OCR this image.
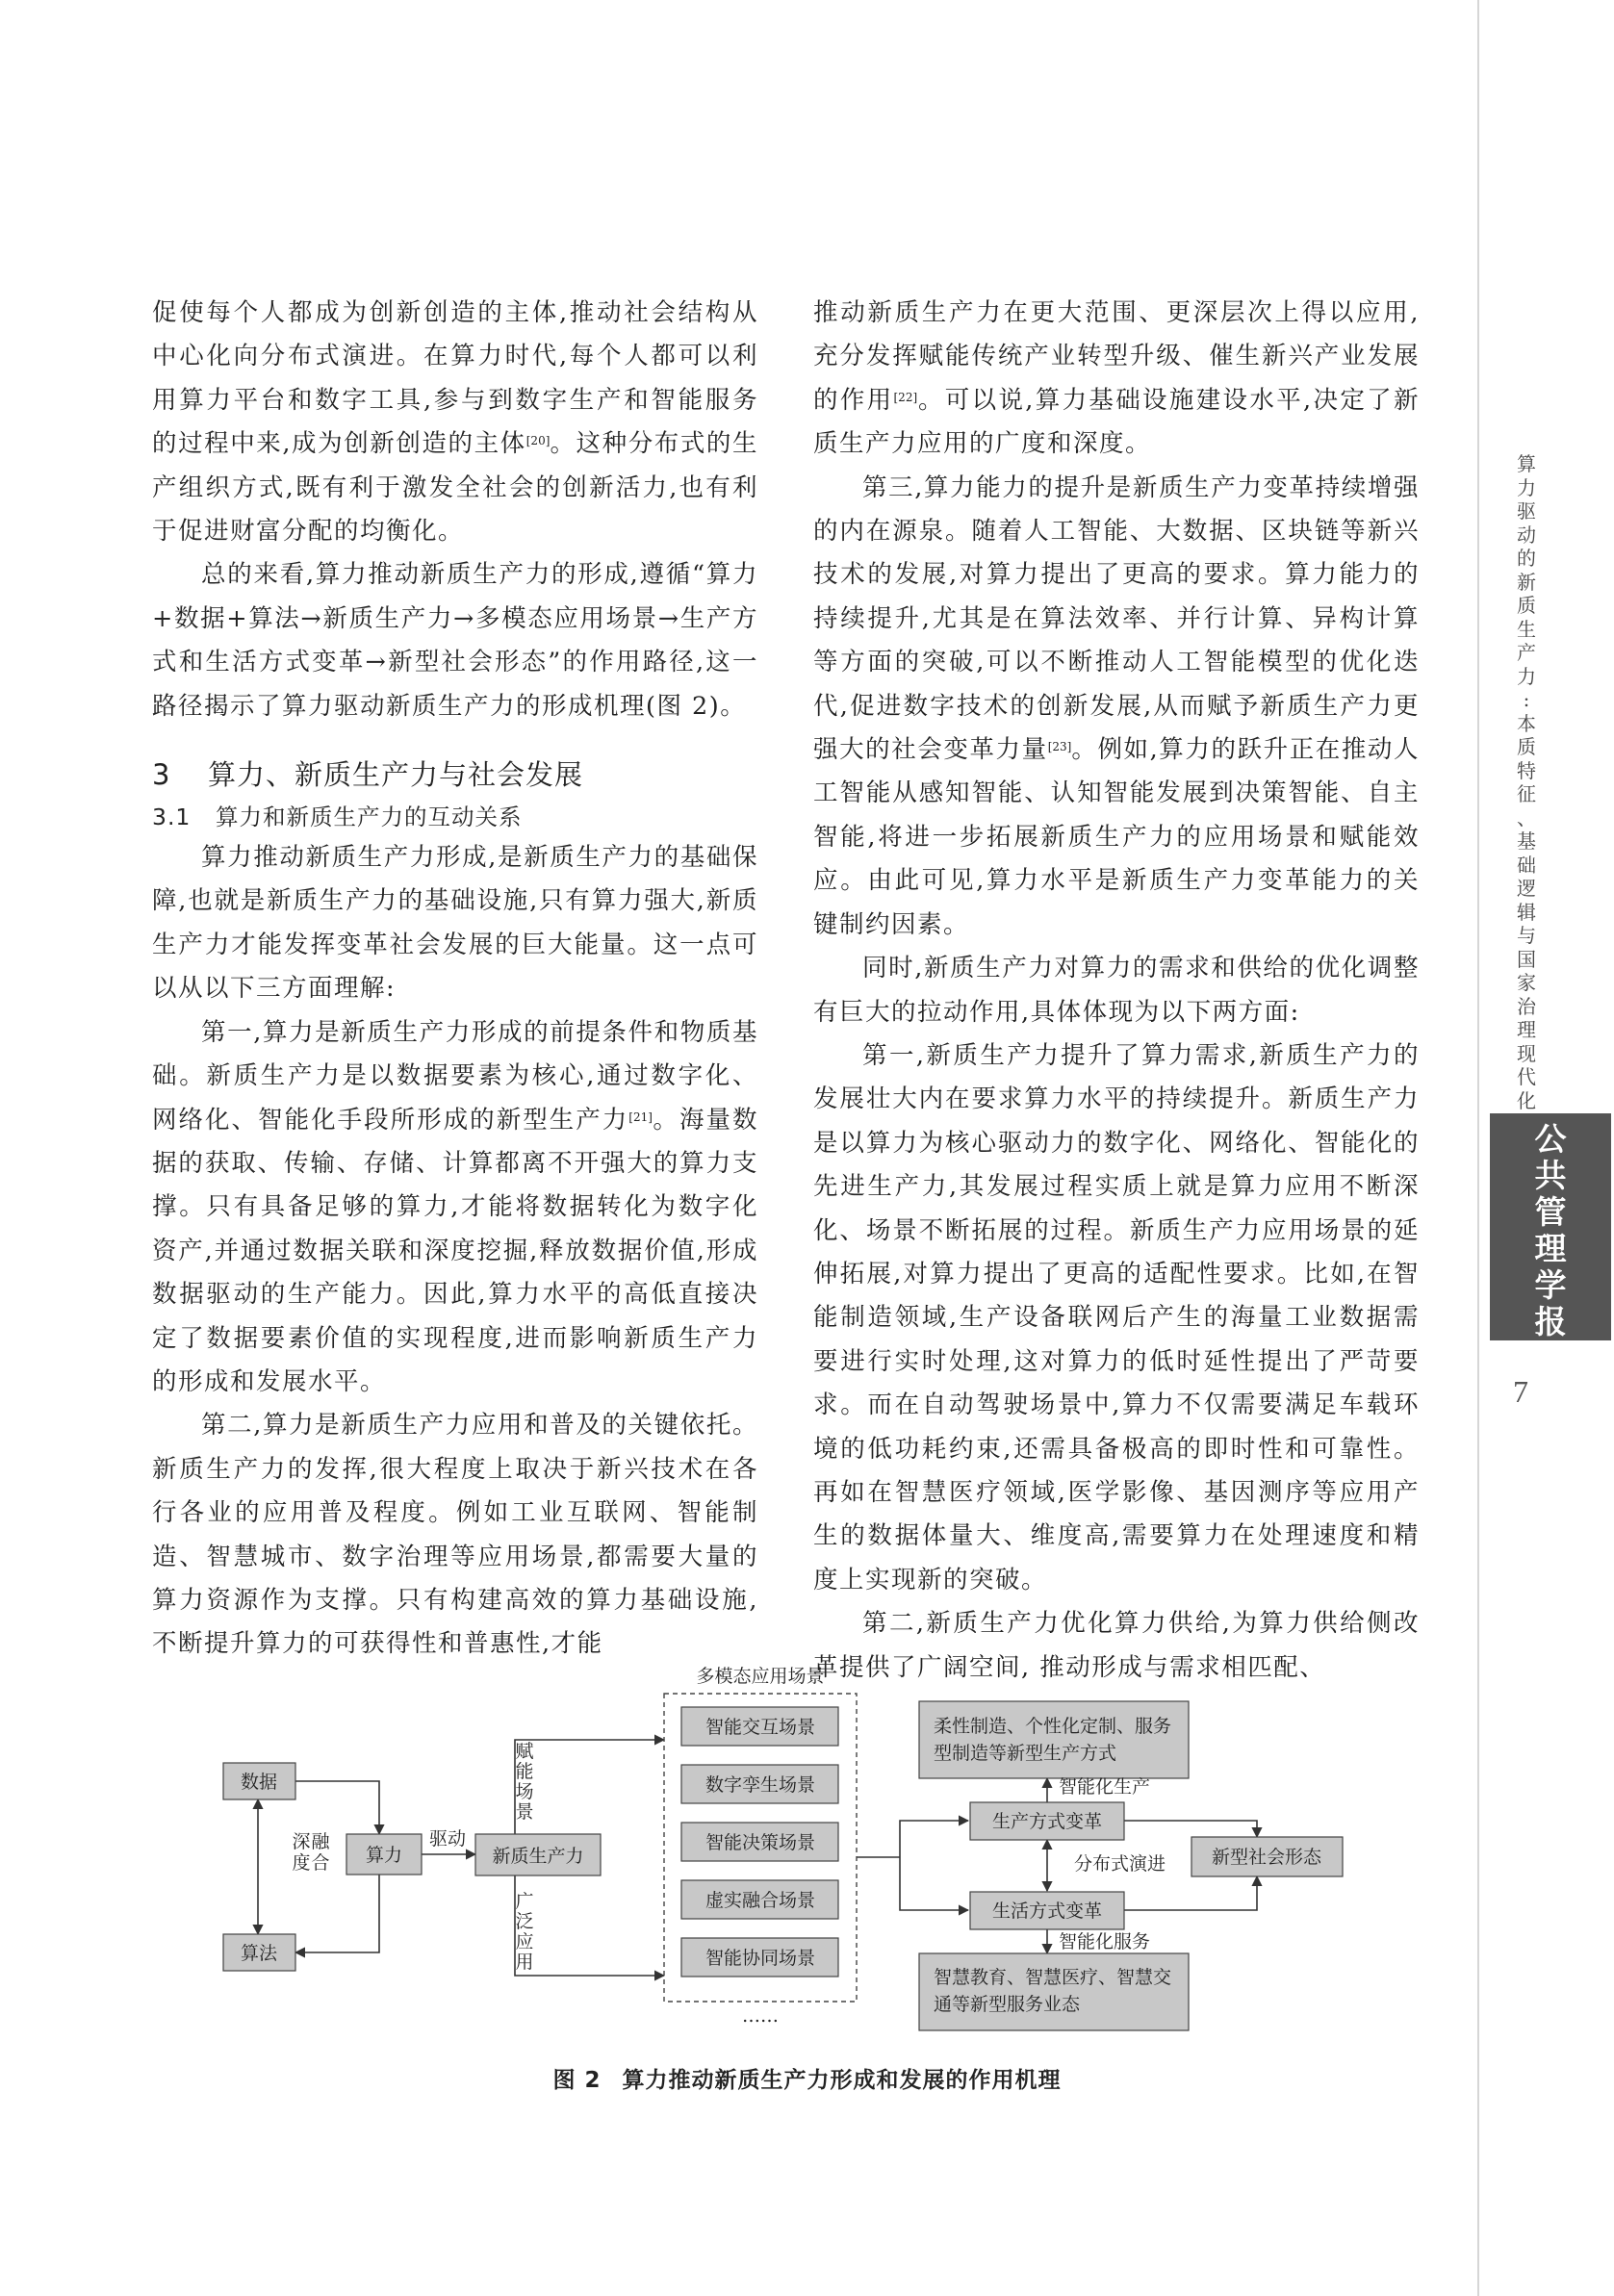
促使每个人都成为创新创造的主体,推动社会结构从中心化向分布式演进。在算力时代,每个人都可以利用算力平台和数字工具,参与到数字生产和智能服务的过程中来,成为创新创造的主体[20]。这种分布式的生产组织方式,既有利于激发全社会的创新活力,也有利于促进财富分配的均衡化。

总的来看,算力推动新质生产力的形成,遵循“算力+数据+算法→新质生产力→多模态应用场景→生产方式和生活方式变革→新型社会形态”的作用路径,这一路径揭示了算力驱动新质生产力的形成机理(图 2)。

3 算力、新质生产力与社会发展
3.1 算力和新质生产力的互动关系

算力推动新质生产力形成,是新质生产力的基础保障,也就是新质生产力的基础设施,只有算力强大,新质生产力才能发挥变革社会发展的巨大能量。这一点可以从以下三方面理解:

第一,算力是新质生产力形成的前提条件和物质基础。新质生产力是以数据要素为核心,通过数字化、网络化、智能化手段所形成的新型生产力[21]。海量数据的获取、传输、存储、计算都离不开强大的算力支撑。只有具备足够的算力,才能将数据转化为数字化资产,并通过数据关联和深度挖掘,释放数据价值,形成数据驱动的生产能力。因此,算力水平的高低直接决定了数据要素价值的实现程度,进而影响新质生产力的形成和发展水平。

第二,算力是新质生产力应用和普及的关键依托。新质生产力的发挥,很大程度上取决于新兴技术在各行各业的应用普及程度。例如工业互联网、智能制造、智慧城市、数字治理等应用场景,都需要大量的算力资源作为支撑。只有构建高效的算力基础设施,不断提升算力的可获得性和普惠性,才能

推动新质生产力在更大范围、更深层次上得以应用,充分发挥赋能传统产业转型升级、催生新兴产业发展的作用[22]。可以说,算力基础设施建设水平,决定了新质生产力应用的广度和深度。

第三,算力能力的提升是新质生产力变革持续增强的内在源泉。随着人工智能、大数据、区块链等新兴技术的发展,对算力提出了更高的要求。算力能力的持续提升,尤其是在算法效率、并行计算、异构计算等方面的突破,可以不断推动人工智能模型的优化迭代,促进数字技术的创新发展,从而赋予新质生产力更强大的社会变革力量[23]。例如,算力的跃升正在推动人工智能从感知智能、认知智能发展到决策智能、自主智能,将进一步拓展新质生产力的应用场景和赋能效应。由此可见,算力水平是新质生产力变革能力的关键制约因素。

同时,新质生产力对算力的需求和供给的优化调整有巨大的拉动作用,具体体现为以下两方面:

第一,新质生产力提升了算力需求,新质生产力的发展壮大内在要求算力水平的持续提升。新质生产力是以算力为核心驱动力的数字化、网络化、智能化的先进生产力,其发展过程实质上就是算力应用不断深化、场景不断拓展的过程。新质生产力应用场景的延伸拓展,对算力提出了更高的适配性要求。比如,在智能制造领域,生产设备联网后产生的海量工业数据需要进行实时处理,这对算力的低时延性提出了严苛要求。而在自动驾驶场景中,算力不仅需要满足车载环境的低功耗约束,还需具备极高的即时性和可靠性。再如在智慧医疗领域,医学影像、基因测序等应用产生的数据体量大、维度高,需要算力在处理速度和精度上实现新的突破。

第二,新质生产力优化算力供给,为算力供给侧改革提供了广阔空间, 推动形成与需求相匹配、

算
力
驱
动
的
新
质
生
产
力
:
本
质
特
征
、
基
础
逻
辑
与
国
家
治
理
现
代
化
公
共
管
理
学
报
7
数据
算法
算力	新质生产力
驱动
多模态应用场景
深度
融合
赋能场景
广泛应用
智能交互场景
数字孪生场景
智能决策场景
虚实融合场景
智能协同场景
……
生产方式变革
生活方式变革
新型社会形态
智能化生产
分布式演进
智能化服务
柔性制造、个性化定制、服务型制造等新型生产方式
智慧教育、智慧医疗、智慧交通等新型服务业态
图 2 算力推动新质生产力形成和发展的作用机理
